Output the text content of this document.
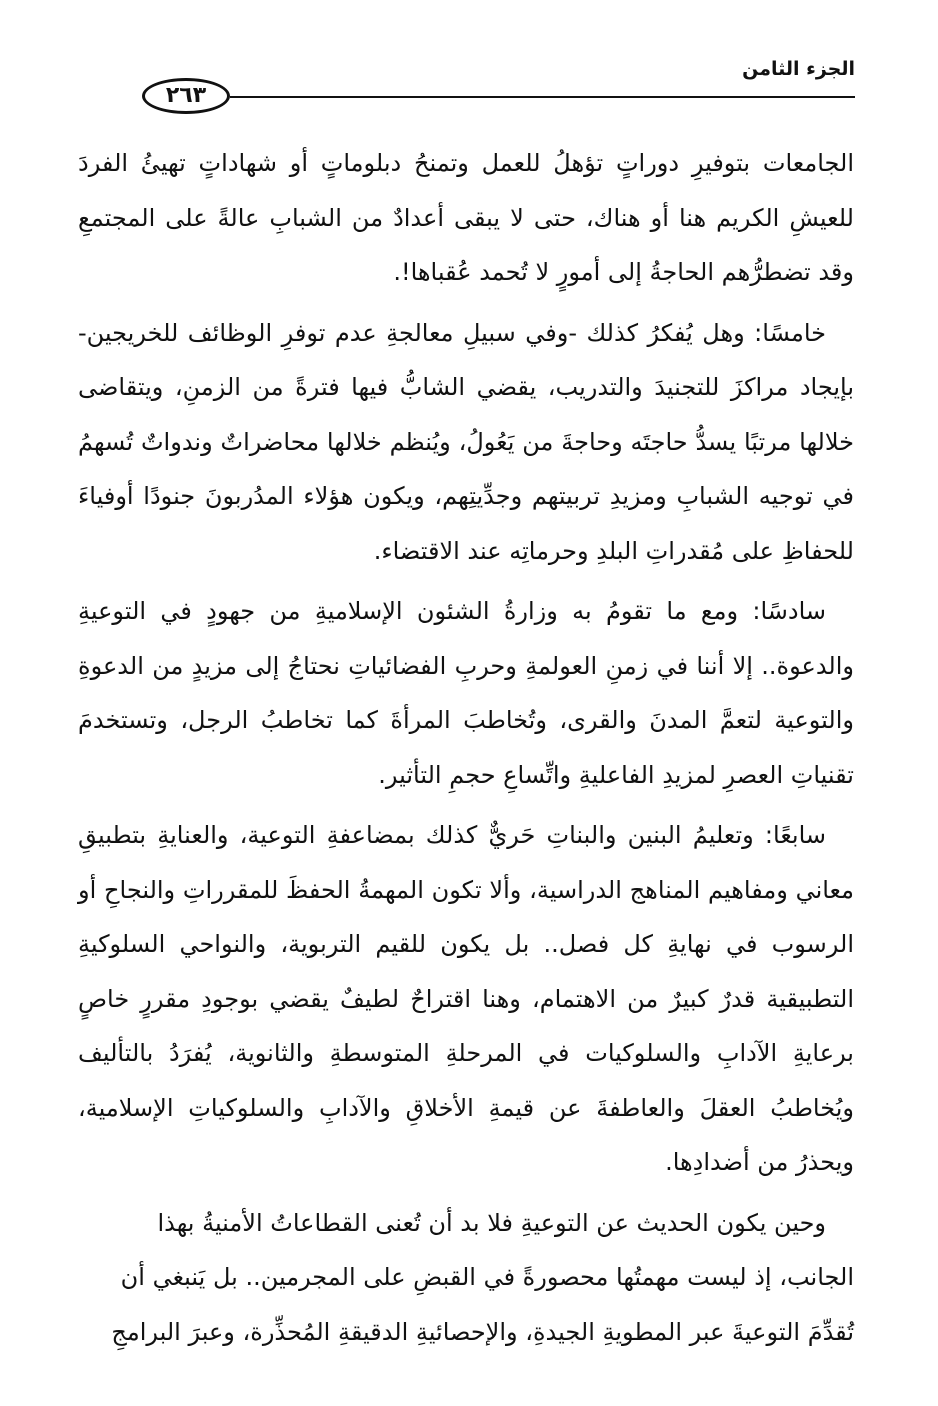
الجزء الثامن
٢٦٣

الجامعات بتوفيرِ دوراتٍ تؤهلُ للعمل وتمنحُ دبلوماتٍ أو شهاداتٍ تهيئُ الفردَ للعيشِ الكريم هنا أو هناك، حتى لا يبقى أعدادٌ من الشبابِ عالةً على المجتمعِ وقد تضطرُّهم الحاجةُ إلى أمورٍ لا تُحمد عُقباها!.

خامسًا: وهل يُفكرُ كذلك -وفي سبيلِ معالجةِ عدم توفرِ الوظائف للخريجين- بإيجاد مراكزَ للتجنيدَ والتدريب، يقضي الشابُّ فيها فترةً من الزمنِ، ويتقاضى خلالها مرتبًا يسدُّ حاجتَه وحاجةَ من يَعُولُ، ويُنظم خلالها محاضراتٌ وندواتٌ تُسهمُ في توجيه الشبابِ ومزيدِ تربيتهم وجدِّيتِهم، ويكون هؤلاء المدُربونَ جنودًا أوفياءَ للحفاظِ على مُقدراتِ البلدِ وحرماتِه عند الاقتضاء.

سادسًا: ومع ما تقومُ به وزارةُ الشئون الإسلاميةِ من جهودٍ في التوعيةِ والدعوة.. إلا أننا في زمنِ العولمةِ وحربِ الفضائياتِ نحتاجُ إلى مزيدٍ من الدعوةِ والتوعية لتعمَّ المدنَ والقرى، وتُخاطبَ المرأةَ كما تخاطبُ الرجل، وتستخدمَ تقنياتِ العصرِ لمزيدِ الفاعليةِ واتِّساعِ حجمِ التأثير.

سابعًا: وتعليمُ البنين والبناتِ حَريٌّ كذلك بمضاعفةِ التوعية، والعنايةِ بتطبيقِ معاني ومفاهيم المناهج الدراسية، وألا تكون المهمةُ الحفظَ للمقرراتِ والنجاحِ أو الرسوب في نهايةِ كل فصل.. بل يكون للقيم التربوية، والنواحي السلوكيةِ التطبيقية قدرٌ كبيرٌ من الاهتمام، وهنا اقتراحٌ لطيفٌ يقضي بوجودِ مقررٍ خاصٍ برعايةِ الآدابِ والسلوكيات في المرحلةِ المتوسطةِ والثانوية، يُفرَدُ بالتأليف ويُخاطبُ العقلَ والعاطفةَ عن قيمةِ الأخلاقِ والآدابِ والسلوكياتِ الإسلامية، ويحذرُ من أضدادِها.

وحين يكون الحديث عن التوعيةِ فلا بد أن تُعنى القطاعاتُ الأمنيةُ بهذا الجانب، إذ ليست مهمتُها محصورةً في القبضِ على المجرمين.. بل يَنبغي أن تُقدِّمَ التوعيةَ عبر المطويةِ الجيدةِ، والإحصائيةِ الدقيقةِ المُحذِّرة، وعبرَ البرامجِ
